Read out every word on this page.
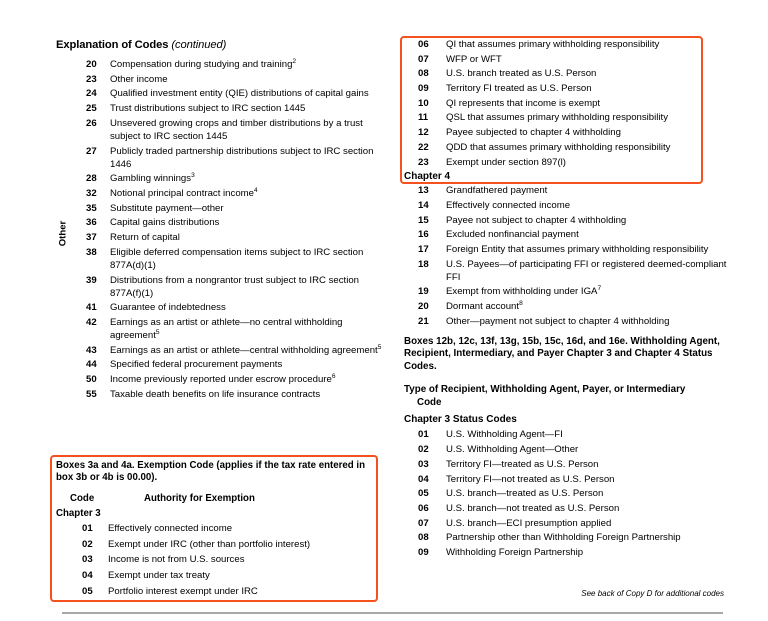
Explanation of Codes (continued)
20	Compensation during studying and training$^2$
23	Other income
24	Qualified investment entity (QIE) distributions of capital gains
25	Trust distributions subject to IRC section 1445
26	Unsevered growing crops and timber distributions by a trust subject to IRC section 1445
27	Publicly traded partnership distributions subject to IRC section 1446
28	Gambling winnings$^3$
32	Notional principal contract income$^4$
35	Substitute payment—other
36	Capital gains distributions
37	Return of capital
38	Eligible deferred compensation items subject to IRC section 877A(d)(1)
39	Distributions from a nongrantor trust subject to IRC section 877A(f)(1)
41	Guarantee of indebtedness
42	Earnings as an artist or athlete—no central withholding agreement$^5$
43	Earnings as an artist or athlete—central withholding agreement$^5$
44	Specified federal procurement payments
50	Income previously reported under escrow procedure$^6$
55	Taxable death benefits on life insurance contracts
Other
06	QI that assumes primary withholding responsibility
07	WFP or WFT
08	U.S. branch treated as U.S. Person
09	Territory FI treated as U.S. Person
10	QI represents that income is exempt
11	QSL that assumes primary withholding responsibility
12	Payee subjected to chapter 4 withholding
22	QDD that assumes primary withholding responsibility
23	Exempt under section 897(l)
Chapter 4
13	Grandfathered payment
14	Effectively connected income
15	Payee not subject to chapter 4 withholding
16	Excluded nonfinancial payment
17	Foreign Entity that assumes primary withholding responsibility
18	U.S. Payees—of participating FFI or registered deemed-compliant FFI
19	Exempt from withholding under IGA$^7$
20	Dormant account$^8$
21	Other—payment not subject to chapter 4 withholding
Boxes 12b, 12c, 13f, 13g, 15b, 15c, 16d, and 16e. Withholding Agent, Recipient, Intermediary, and Payer Chapter 3 and Chapter 4 Status Codes.
Type of Recipient, Withholding Agent, Payer, or Intermediary
Code
Chapter 3 Status Codes
01	U.S. Withholding Agent—FI
02	U.S. Withholding Agent—Other
03	Territory FI—treated as U.S. Person
04	Territory FI—not treated as U.S. Person
05	U.S. branch—treated as U.S. Person
06	U.S. branch—not treated as U.S. Person
07	U.S. branch—ECI presumption applied
08	Partnership other than Withholding Foreign Partnership
09	Withholding Foreign Partnership
Boxes 3a and 4a. Exemption Code (applies if the tax rate entered in box 3b or 4b is 00.00).
Code	Authority for Exemption
Chapter 3
01	Effectively connected income
02	Exempt under IRC (other than portfolio interest)
03	Income is not from U.S. sources
04	Exempt under tax treaty
05	Portfolio interest exempt under IRC	See back of Copy D for additional codes
